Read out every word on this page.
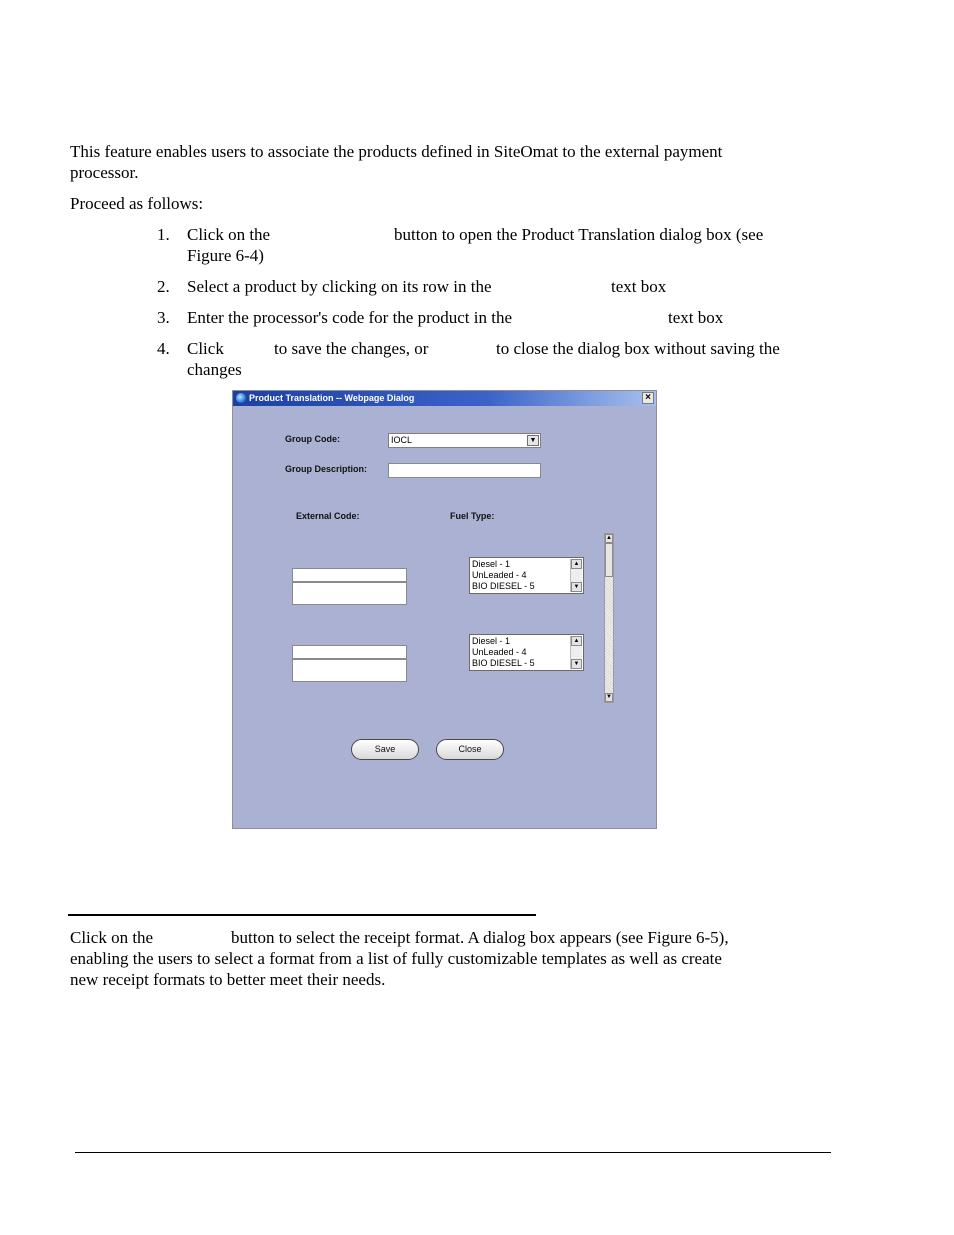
This feature enables users to associate the products defined in SiteOmat to the external payment
processor.
Proceed as follows:
1. Click on the	button to open the Product Translation dialog box (see
Figure 6-4)
2. Select a product by clicking on its row in the	text box
3. Enter the processor's code for the product in the	text box
4. Click	to save the changes, or	to close the dialog box without saving the
changes
Product Translation -- Webpage Dialog	×
Group Code:	IOCL	▼
Group Description:
External Code:	Fuel Type:
Diesel - 1
UnLeaded - 4
BIO DIESEL - 5
▲
▼
Diesel - 1
UnLeaded - 4
BIO DIESEL - 5
▲
▼
▲
▼
Save	Close
Click on the	button to select the receipt format. A dialog box appears (see Figure 6-5),
enabling the users to select a format from a list of fully customizable templates as well as create
new receipt formats to better meet their needs.
